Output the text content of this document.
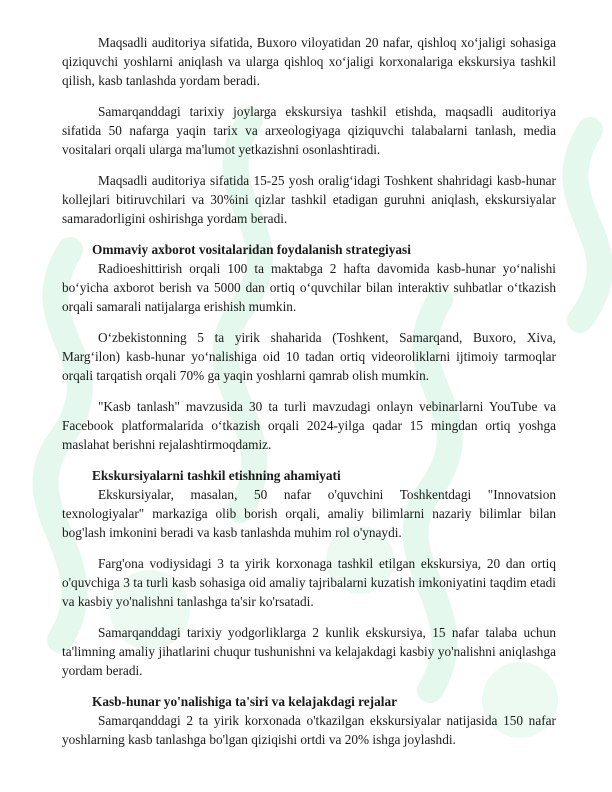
Maqsadli auditoriya sifatida, Buxoro viloyatidan 20 nafar, qishloq xo‘jaligi sohasiga qiziquvchi yoshlarni aniqlash va ularga qishloq xo‘jaligi korxonalariga ekskursiya tashkil qilish, kasb tanlashda yordam beradi.

Samarqanddagi tarixiy joylarga ekskursiya tashkil etishda, maqsadli auditoriya sifatida 50 nafarga yaqin tarix va arxeologiyaga qiziquvchi talabalarni tanlash, media vositalari orqali ularga ma'lumot yetkazishni osonlashtiradi.

Maqsadli auditoriya sifatida 15-25 yosh oralig‘idagi Toshkent shahridagi kasb-hunar kollejlari bitiruvchilari va 30%ini qizlar tashkil etadigan guruhni aniqlash, ekskursiyalar samaradorligini oshirishga yordam beradi.

Ommaviy axborot vositalaridan foydalanish strategiyasi

Radioeshittirish orqali 100 ta maktabga 2 hafta davomida kasb-hunar yo‘nalishi bo‘yicha axborot berish va 5000 dan ortiq o‘quvchilar bilan interaktiv suhbatlar o‘tkazish orqali samarali natijalarga erishish mumkin.

O‘zbekistonning 5 ta yirik shaharida (Toshkent, Samarqand, Buxoro, Xiva, Marg‘ilon) kasb-hunar yo‘nalishiga oid 10 tadan ortiq videoroliklarni ijtimoiy tarmoqlar orqali tarqatish orqali 70% ga yaqin yoshlarni qamrab olish mumkin.

"Kasb tanlash" mavzusida 30 ta turli mavzudagi onlayn vebinarlarni YouTube va Facebook platformalarida o‘tkazish orqali 2024-yilga qadar 15 mingdan ortiq yoshga maslahat berishni rejalashtirmoqdamiz.

Ekskursiyalarni tashkil etishning ahamiyati

Ekskursiyalar, masalan, 50 nafar o'quvchini Toshkentdagi "Innovatsion texnologiyalar" markaziga olib borish orqali, amaliy bilimlarni nazariy bilimlar bilan bog'lash imkonini beradi va kasb tanlashda muhim rol o'ynaydi.

Farg'ona vodiysidagi 3 ta yirik korxonaga tashkil etilgan ekskursiya, 20 dan ortiq o'quvchiga 3 ta turli kasb sohasiga oid amaliy tajribalarni kuzatish imkoniyatini taqdim etadi va kasbiy yo'nalishni tanlashga ta'sir ko'rsatadi.

Samarqanddagi tarixiy yodgorliklarga 2 kunlik ekskursiya, 15 nafar talaba uchun ta'limning amaliy jihatlarini chuqur tushunishni va kelajakdagi kasbiy yo'nalishni aniqlashga yordam beradi.

Kasb-hunar yo'nalishiga ta'siri va kelajakdagi rejalar

Samarqanddagi 2 ta yirik korxonada o'tkazilgan ekskursiyalar natijasida 150 nafar yoshlarning kasb tanlashga bo'lgan qiziqishi ortdi va 20% ishga joylashdi.
